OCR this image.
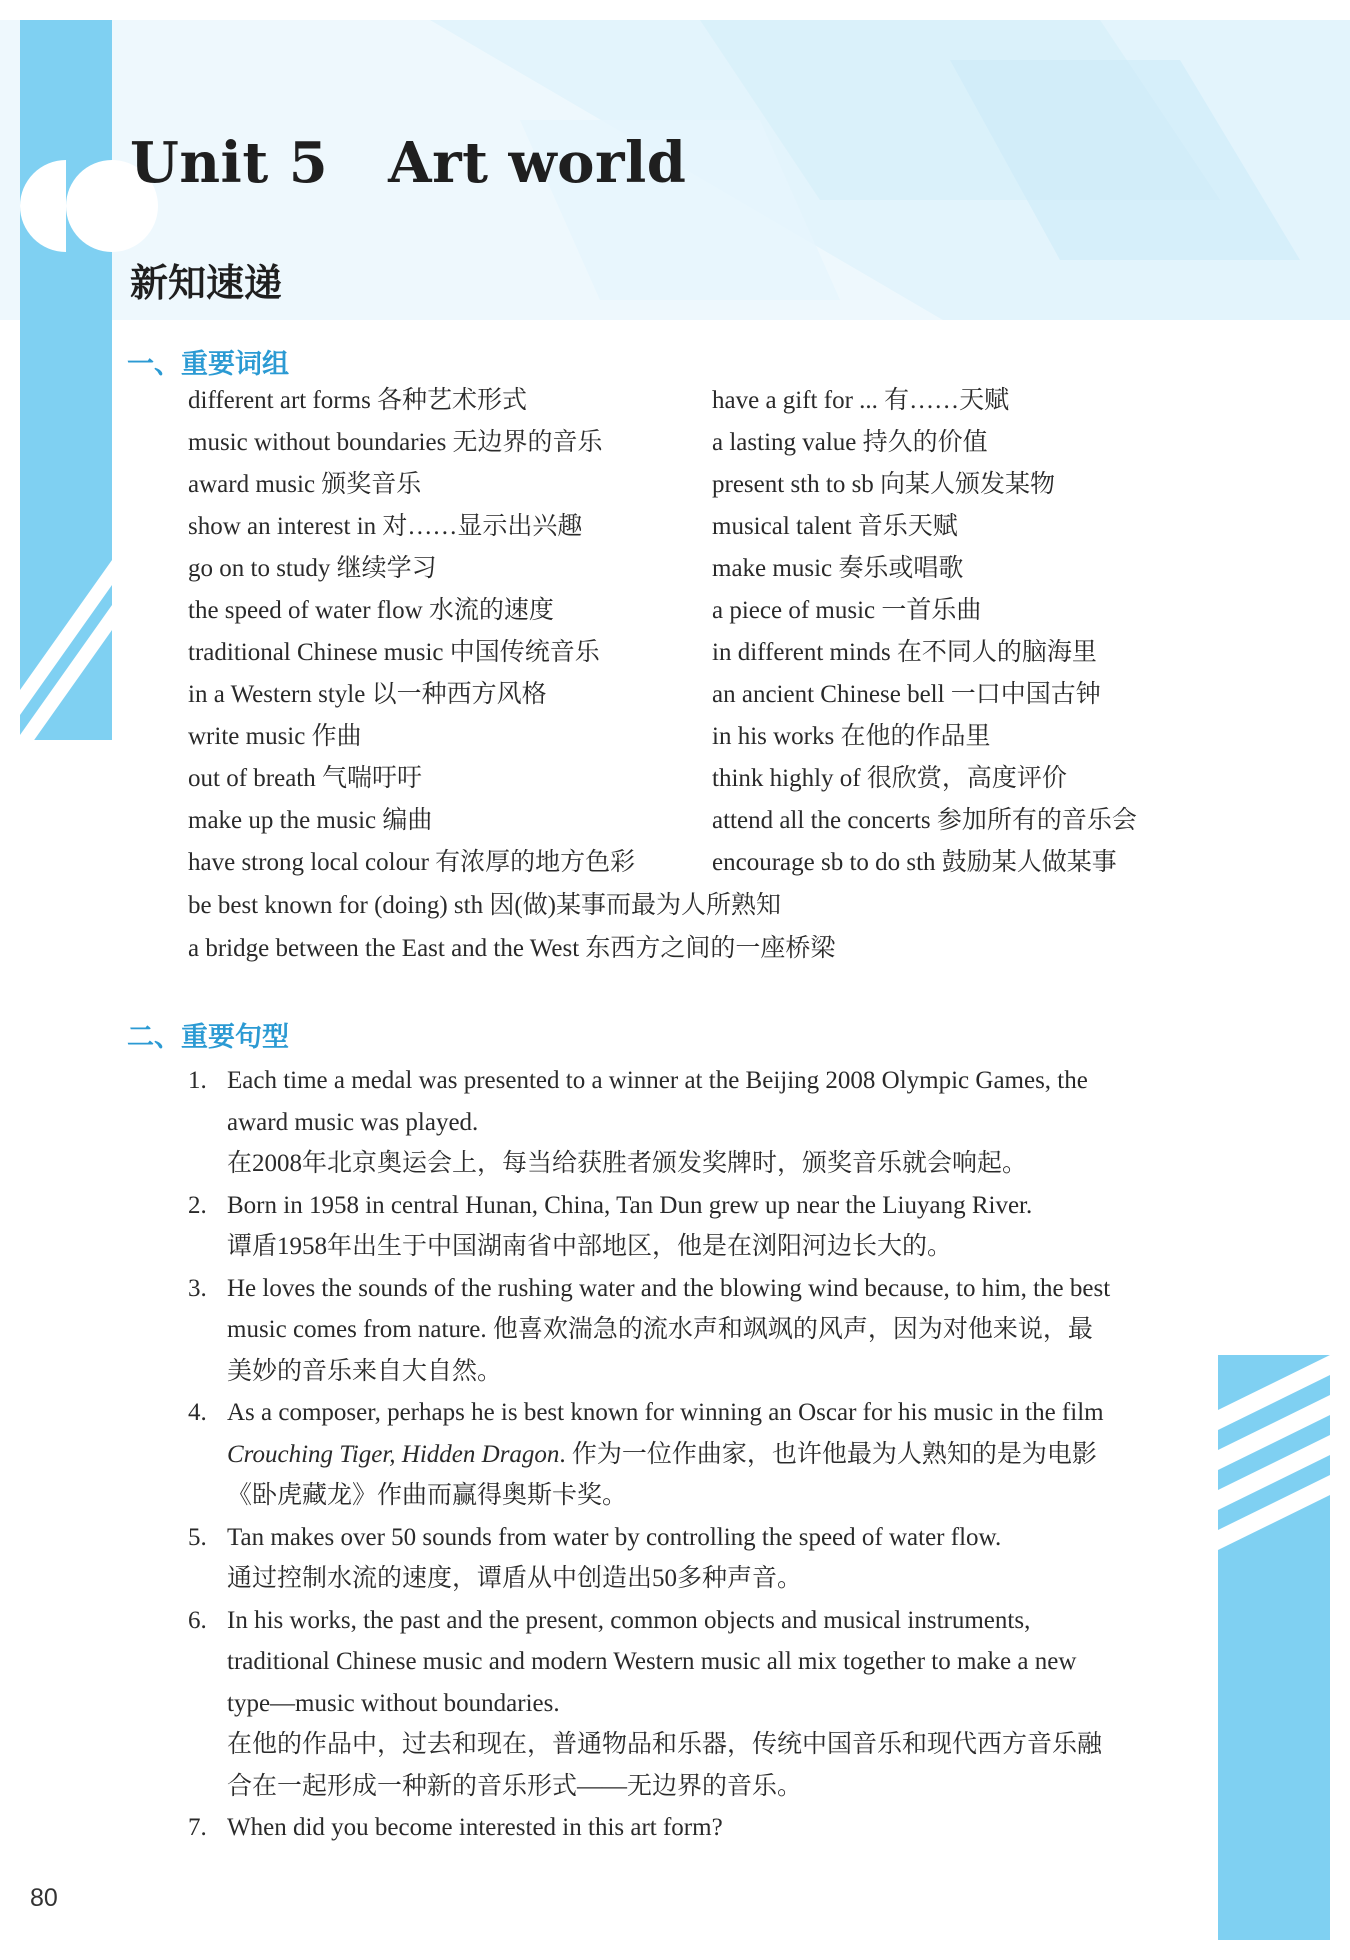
Unit 5   Art world
新知速递
一、重要词组
different art forms 各种艺术形式
music without boundaries 无边界的音乐
award music 颁奖音乐
show an interest in 对……显示出兴趣
go on to study 继续学习
the speed of water flow 水流的速度
traditional Chinese music 中国传统音乐
in a Western style 以一种西方风格
write music 作曲
out of breath 气喘吁吁
make up the music 编曲
have strong local colour 有浓厚的地方色彩
have a gift for ... 有……天赋
a lasting value 持久的价值
present sth to sb 向某人颁发某物
musical talent 音乐天赋
make music 奏乐或唱歌
a piece of music 一首乐曲
in different minds 在不同人的脑海里
an ancient Chinese bell 一口中国古钟
in his works 在他的作品里
think highly of 很欣赏，高度评价
attend all the concerts 参加所有的音乐会
encourage sb to do sth 鼓励某人做某事
be best known for (doing) sth 因(做)某事而最为人所熟知
a bridge between the East and the West 东西方之间的一座桥梁
二、重要句型
1. Each time a medal was presented to a winner at the Beijing 2008 Olympic Games, the
award music was played.
在2008年北京奥运会上，每当给获胜者颁发奖牌时，颁奖音乐就会响起。
2. Born in 1958 in central Hunan, China, Tan Dun grew up near the Liuyang River.
谭盾1958年出生于中国湖南省中部地区，他是在浏阳河边长大的。
3. He loves the sounds of the rushing water and the blowing wind because, to him, the best
music comes from nature. 他喜欢湍急的流水声和飒飒的风声，因为对他来说，最
美妙的音乐来自大自然。
4. As a composer, perhaps he is best known for winning an Oscar for his music in the film
Crouching Tiger, Hidden Dragon. 作为一位作曲家，也许他最为人熟知的是为电影
《卧虎藏龙》作曲而赢得奥斯卡奖。
5. Tan makes over 50 sounds from water by controlling the speed of water flow.
通过控制水流的速度，谭盾从中创造出50多种声音。
6. In his works, the past and the present, common objects and musical instruments,
traditional Chinese music and modern Western music all mix together to make a new
type—music without boundaries.
在他的作品中，过去和现在，普通物品和乐器，传统中国音乐和现代西方音乐融
合在一起形成一种新的音乐形式——无边界的音乐。
7. When did you become interested in this art form?
80
